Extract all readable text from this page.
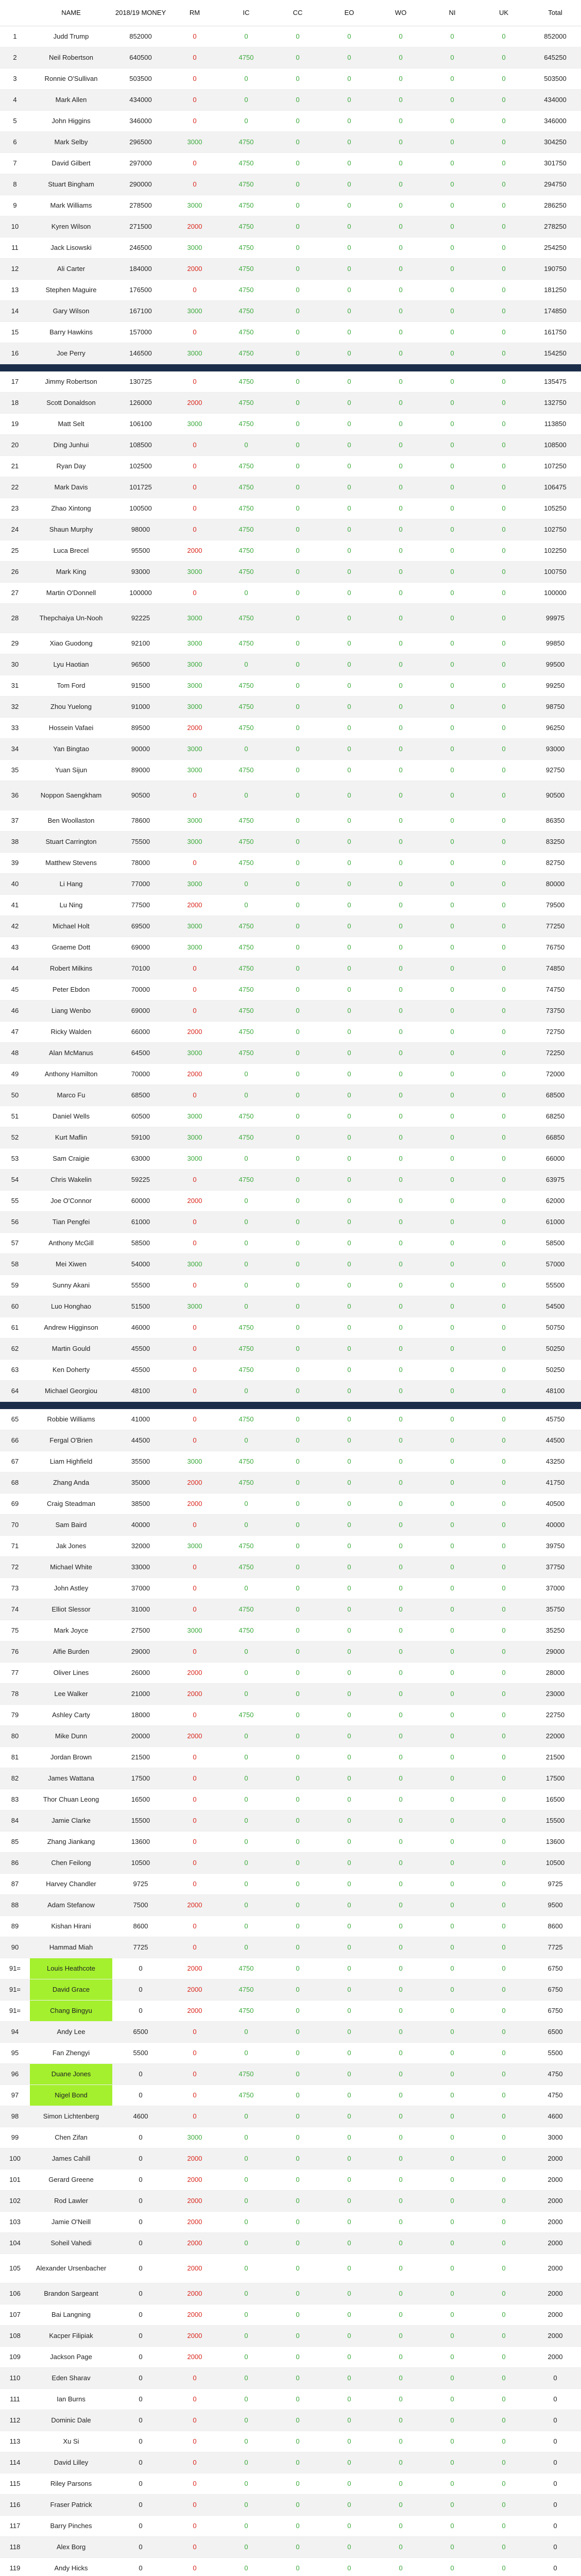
	NAME	2018/19 MONEY	RM	IC	CC	EO	WO	NI	UK	Total
1	Judd Trump	852000	0	0	0	0	0	0	0	852000
2	Neil Robertson	640500	0	4750	0	0	0	0	0	645250
3	Ronnie O'Sullivan	503500	0	0	0	0	0	0	0	503500
4	Mark Allen	434000	0	0	0	0	0	0	0	434000
5	John Higgins	346000	0	0	0	0	0	0	0	346000
6	Mark Selby	296500	3000	4750	0	0	0	0	0	304250
7	David Gilbert	297000	0	4750	0	0	0	0	0	301750
8	Stuart Bingham	290000	0	4750	0	0	0	0	0	294750
9	Mark Williams	278500	3000	4750	0	0	0	0	0	286250
10	Kyren Wilson	271500	2000	4750	0	0	0	0	0	278250
11	Jack Lisowski	246500	3000	4750	0	0	0	0	0	254250
12	Ali Carter	184000	2000	4750	0	0	0	0	0	190750
13	Stephen Maguire	176500	0	4750	0	0	0	0	0	181250
14	Gary Wilson	167100	3000	4750	0	0	0	0	0	174850
15	Barry Hawkins	157000	0	4750	0	0	0	0	0	161750
16	Joe Perry	146500	3000	4750	0	0	0	0	0	154250

17	Jimmy Robertson	130725	0	4750	0	0	0	0	0	135475
18	Scott Donaldson	126000	2000	4750	0	0	0	0	0	132750
19	Matt Selt	106100	3000	4750	0	0	0	0	0	113850
20	Ding Junhui	108500	0	0	0	0	0	0	0	108500
21	Ryan Day	102500	0	4750	0	0	0	0	0	107250
22	Mark Davis	101725	0	4750	0	0	0	0	0	106475
23	Zhao Xintong	100500	0	4750	0	0	0	0	0	105250
24	Shaun Murphy	98000	0	4750	0	0	0	0	0	102750
25	Luca Brecel	95500	2000	4750	0	0	0	0	0	102250
26	Mark King	93000	3000	4750	0	0	0	0	0	100750
27	Martin O'Donnell	100000	0	0	0	0	0	0	0	100000
28	Thepchaiya Un-Nooh	92225	3000	4750	0	0	0	0	0	99975
29	Xiao Guodong	92100	3000	4750	0	0	0	0	0	99850
30	Lyu Haotian	96500	3000	0	0	0	0	0	0	99500
31	Tom Ford	91500	3000	4750	0	0	0	0	0	99250
32	Zhou Yuelong	91000	3000	4750	0	0	0	0	0	98750
33	Hossein Vafaei	89500	2000	4750	0	0	0	0	0	96250
34	Yan Bingtao	90000	3000	0	0	0	0	0	0	93000
35	Yuan Sijun	89000	3000	4750	0	0	0	0	0	92750
36	Noppon Saengkham	90500	0	0	0	0	0	0	0	90500
37	Ben Woollaston	78600	3000	4750	0	0	0	0	0	86350
38	Stuart Carrington	75500	3000	4750	0	0	0	0	0	83250
39	Matthew Stevens	78000	0	4750	0	0	0	0	0	82750
40	Li Hang	77000	3000	0	0	0	0	0	0	80000
41	Lu Ning	77500	2000	0	0	0	0	0	0	79500
42	Michael Holt	69500	3000	4750	0	0	0	0	0	77250
43	Graeme Dott	69000	3000	4750	0	0	0	0	0	76750
44	Robert Milkins	70100	0	4750	0	0	0	0	0	74850
45	Peter Ebdon	70000	0	4750	0	0	0	0	0	74750
46	Liang Wenbo	69000	0	4750	0	0	0	0	0	73750
47	Ricky Walden	66000	2000	4750	0	0	0	0	0	72750
48	Alan McManus	64500	3000	4750	0	0	0	0	0	72250
49	Anthony Hamilton	70000	2000	0	0	0	0	0	0	72000
50	Marco Fu	68500	0	0	0	0	0	0	0	68500
51	Daniel Wells	60500	3000	4750	0	0	0	0	0	68250
52	Kurt Maflin	59100	3000	4750	0	0	0	0	0	66850
53	Sam Craigie	63000	3000	0	0	0	0	0	0	66000
54	Chris Wakelin	59225	0	4750	0	0	0	0	0	63975
55	Joe O'Connor	60000	2000	0	0	0	0	0	0	62000
56	Tian Pengfei	61000	0	0	0	0	0	0	0	61000
57	Anthony McGill	58500	0	0	0	0	0	0	0	58500
58	Mei Xiwen	54000	3000	0	0	0	0	0	0	57000
59	Sunny Akani	55500	0	0	0	0	0	0	0	55500
60	Luo Honghao	51500	3000	0	0	0	0	0	0	54500
61	Andrew Higginson	46000	0	4750	0	0	0	0	0	50750
62	Martin Gould	45500	0	4750	0	0	0	0	0	50250
63	Ken Doherty	45500	0	4750	0	0	0	0	0	50250
64	Michael Georgiou	48100	0	0	0	0	0	0	0	48100

65	Robbie Williams	41000	0	4750	0	0	0	0	0	45750
66	Fergal O'Brien	44500	0	0	0	0	0	0	0	44500
67	Liam Highfield	35500	3000	4750	0	0	0	0	0	43250
68	Zhang Anda	35000	2000	4750	0	0	0	0	0	41750
69	Craig Steadman	38500	2000	0	0	0	0	0	0	40500
70	Sam Baird	40000	0	0	0	0	0	0	0	40000
71	Jak Jones	32000	3000	4750	0	0	0	0	0	39750
72	Michael White	33000	0	4750	0	0	0	0	0	37750
73	John Astley	37000	0	0	0	0	0	0	0	37000
74	Elliot Slessor	31000	0	4750	0	0	0	0	0	35750
75	Mark Joyce	27500	3000	4750	0	0	0	0	0	35250
76	Alfie Burden	29000	0	0	0	0	0	0	0	29000
77	Oliver Lines	26000	2000	0	0	0	0	0	0	28000
78	Lee Walker	21000	2000	0	0	0	0	0	0	23000
79	Ashley Carty	18000	0	4750	0	0	0	0	0	22750
80	Mike Dunn	20000	2000	0	0	0	0	0	0	22000
81	Jordan Brown	21500	0	0	0	0	0	0	0	21500
82	James Wattana	17500	0	0	0	0	0	0	0	17500
83	Thor Chuan Leong	16500	0	0	0	0	0	0	0	16500
84	Jamie Clarke	15500	0	0	0	0	0	0	0	15500
85	Zhang Jiankang	13600	0	0	0	0	0	0	0	13600
86	Chen Feilong	10500	0	0	0	0	0	0	0	10500
87	Harvey Chandler	9725	0	0	0	0	0	0	0	9725
88	Adam Stefanow	7500	2000	0	0	0	0	0	0	9500
89	Kishan Hirani	8600	0	0	0	0	0	0	0	8600
90	Hammad Miah	7725	0	0	0	0	0	0	0	7725
91=	Louis Heathcote	0	2000	4750	0	0	0	0	0	6750
91=	David Grace	0	2000	4750	0	0	0	0	0	6750
91=	Chang Bingyu	0	2000	4750	0	0	0	0	0	6750
94	Andy Lee	6500	0	0	0	0	0	0	0	6500
95	Fan Zhengyi	5500	0	0	0	0	0	0	0	5500
96	Duane Jones	0	0	4750	0	0	0	0	0	4750
97	Nigel Bond	0	0	4750	0	0	0	0	0	4750
98	Simon Lichtenberg	4600	0	0	0	0	0	0	0	4600
99	Chen Zifan	0	3000	0	0	0	0	0	0	3000
100	James Cahill	0	2000	0	0	0	0	0	0	2000
101	Gerard Greene	0	2000	0	0	0	0	0	0	2000
102	Rod Lawler	0	2000	0	0	0	0	0	0	2000
103	Jamie O'Neill	0	2000	0	0	0	0	0	0	2000
104	Soheil Vahedi	0	2000	0	0	0	0	0	0	2000
105	Alexander Ursenbacher	0	2000	0	0	0	0	0	0	2000
106	Brandon Sargeant	0	2000	0	0	0	0	0	0	2000
107	Bai Langning	0	2000	0	0	0	0	0	0	2000
108	Kacper Filipiak	0	2000	0	0	0	0	0	0	2000
109	Jackson Page	0	2000	0	0	0	0	0	0	2000
110	Eden Sharav	0	0	0	0	0	0	0	0	0
111	Ian Burns	0	0	0	0	0	0	0	0	0
112	Dominic Dale	0	0	0	0	0	0	0	0	0
113	Xu Si	0	0	0	0	0	0	0	0	0
114	David Lilley	0	0	0	0	0	0	0	0	0
115	Riley Parsons	0	0	0	0	0	0	0	0	0
116	Fraser Patrick	0	0	0	0	0	0	0	0	0
117	Barry Pinches	0	0	0	0	0	0	0	0	0
118	Alex Borg	0	0	0	0	0	0	0	0	0
119	Andy Hicks	0	0	0	0	0	0	0	0	0
